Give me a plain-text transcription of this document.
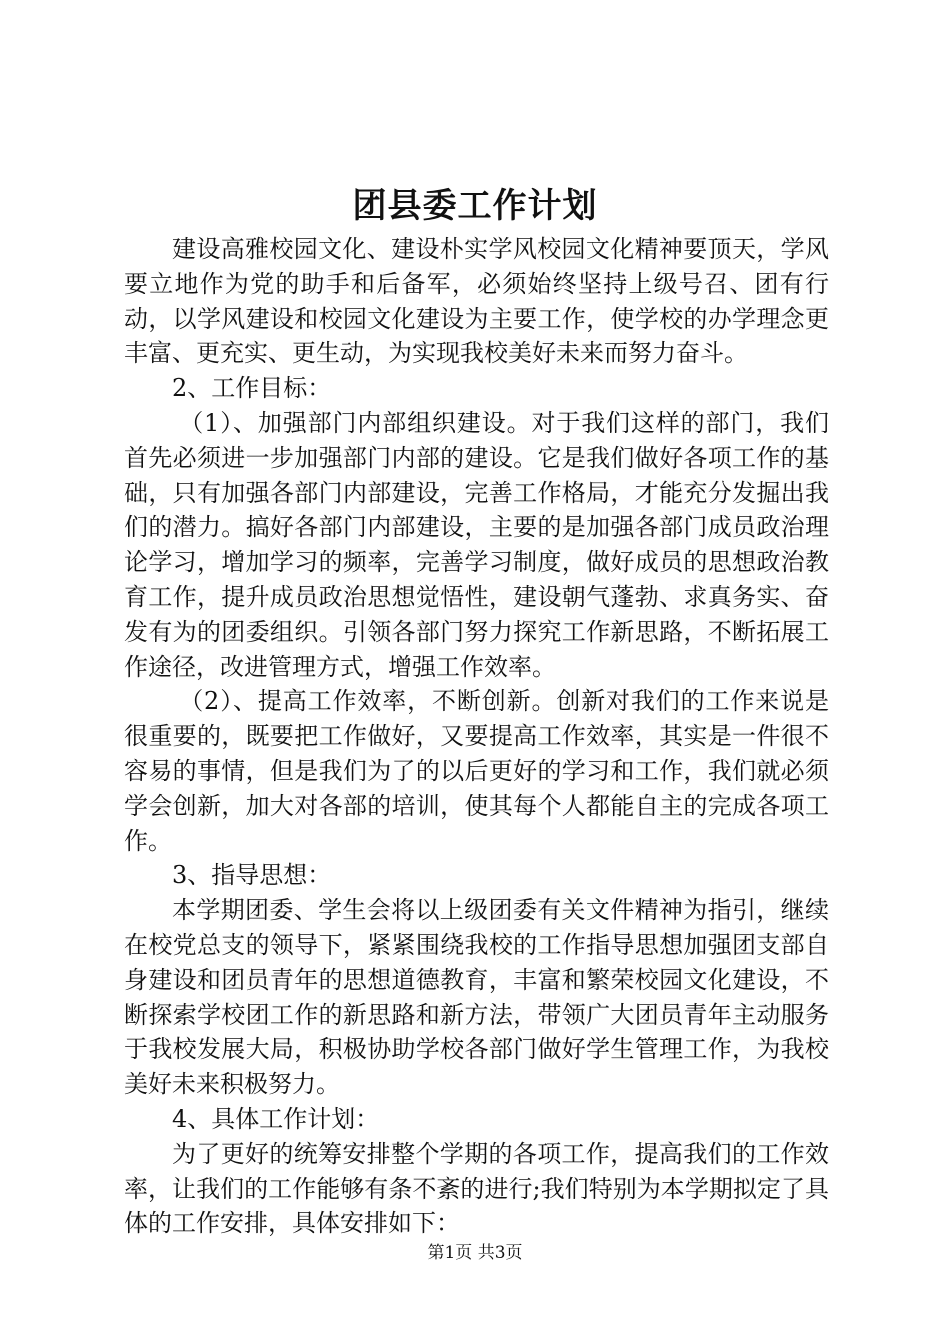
团县委工作计划

建设高雅校园文化、建设朴实学风校园文化精神要顶天，学风要立地作为党的助手和后备军，必须始终坚持上级号召、团有行动，以学风建设和校园文化建设为主要工作，使学校的办学理念更丰富、更充实、更生动，为实现我校美好未来而努力奋斗。

2、工作目标：

（1）、加强部门内部组织建设。对于我们这样的部门，我们首先必须进一步加强部门内部的建设。它是我们做好各项工作的基础，只有加强各部门内部建设，完善工作格局，才能充分发掘出我们的潜力。搞好各部门内部建设，主要的是加强各部门成员政治理论学习，增加学习的频率，完善学习制度，做好成员的思想政治教育工作，提升成员政治思想觉悟性，建设朝气蓬勃、求真务实、奋发有为的团委组织。引领各部门努力探究工作新思路，不断拓展工作途径，改进管理方式，增强工作效率。

（2）、提高工作效率，不断创新。创新对我们的工作来说是很重要的，既要把工作做好，又要提高工作效率，其实是一件很不容易的事情，但是我们为了的以后更好的学习和工作，我们就必须学会创新，加大对各部的培训，使其每个人都能自主的完成各项工作。

3、指导思想：

本学期团委、学生会将以上级团委有关文件精神为指引，继续在校党总支的领导下，紧紧围绕我校的工作指导思想加强团支部自身建设和团员青年的思想道德教育，丰富和繁荣校园文化建设，不断探索学校团工作的新思路和新方法，带领广大团员青年主动服务于我校发展大局，积极协助学校各部门做好学生管理工作，为我校美好未来积极努力。

4、具体工作计划：

为了更好的统筹安排整个学期的各项工作，提高我们的工作效率，让我们的工作能够有条不紊的进行;我们特别为本学期拟定了具体的工作安排，具体安排如下：

第1页 共3页
